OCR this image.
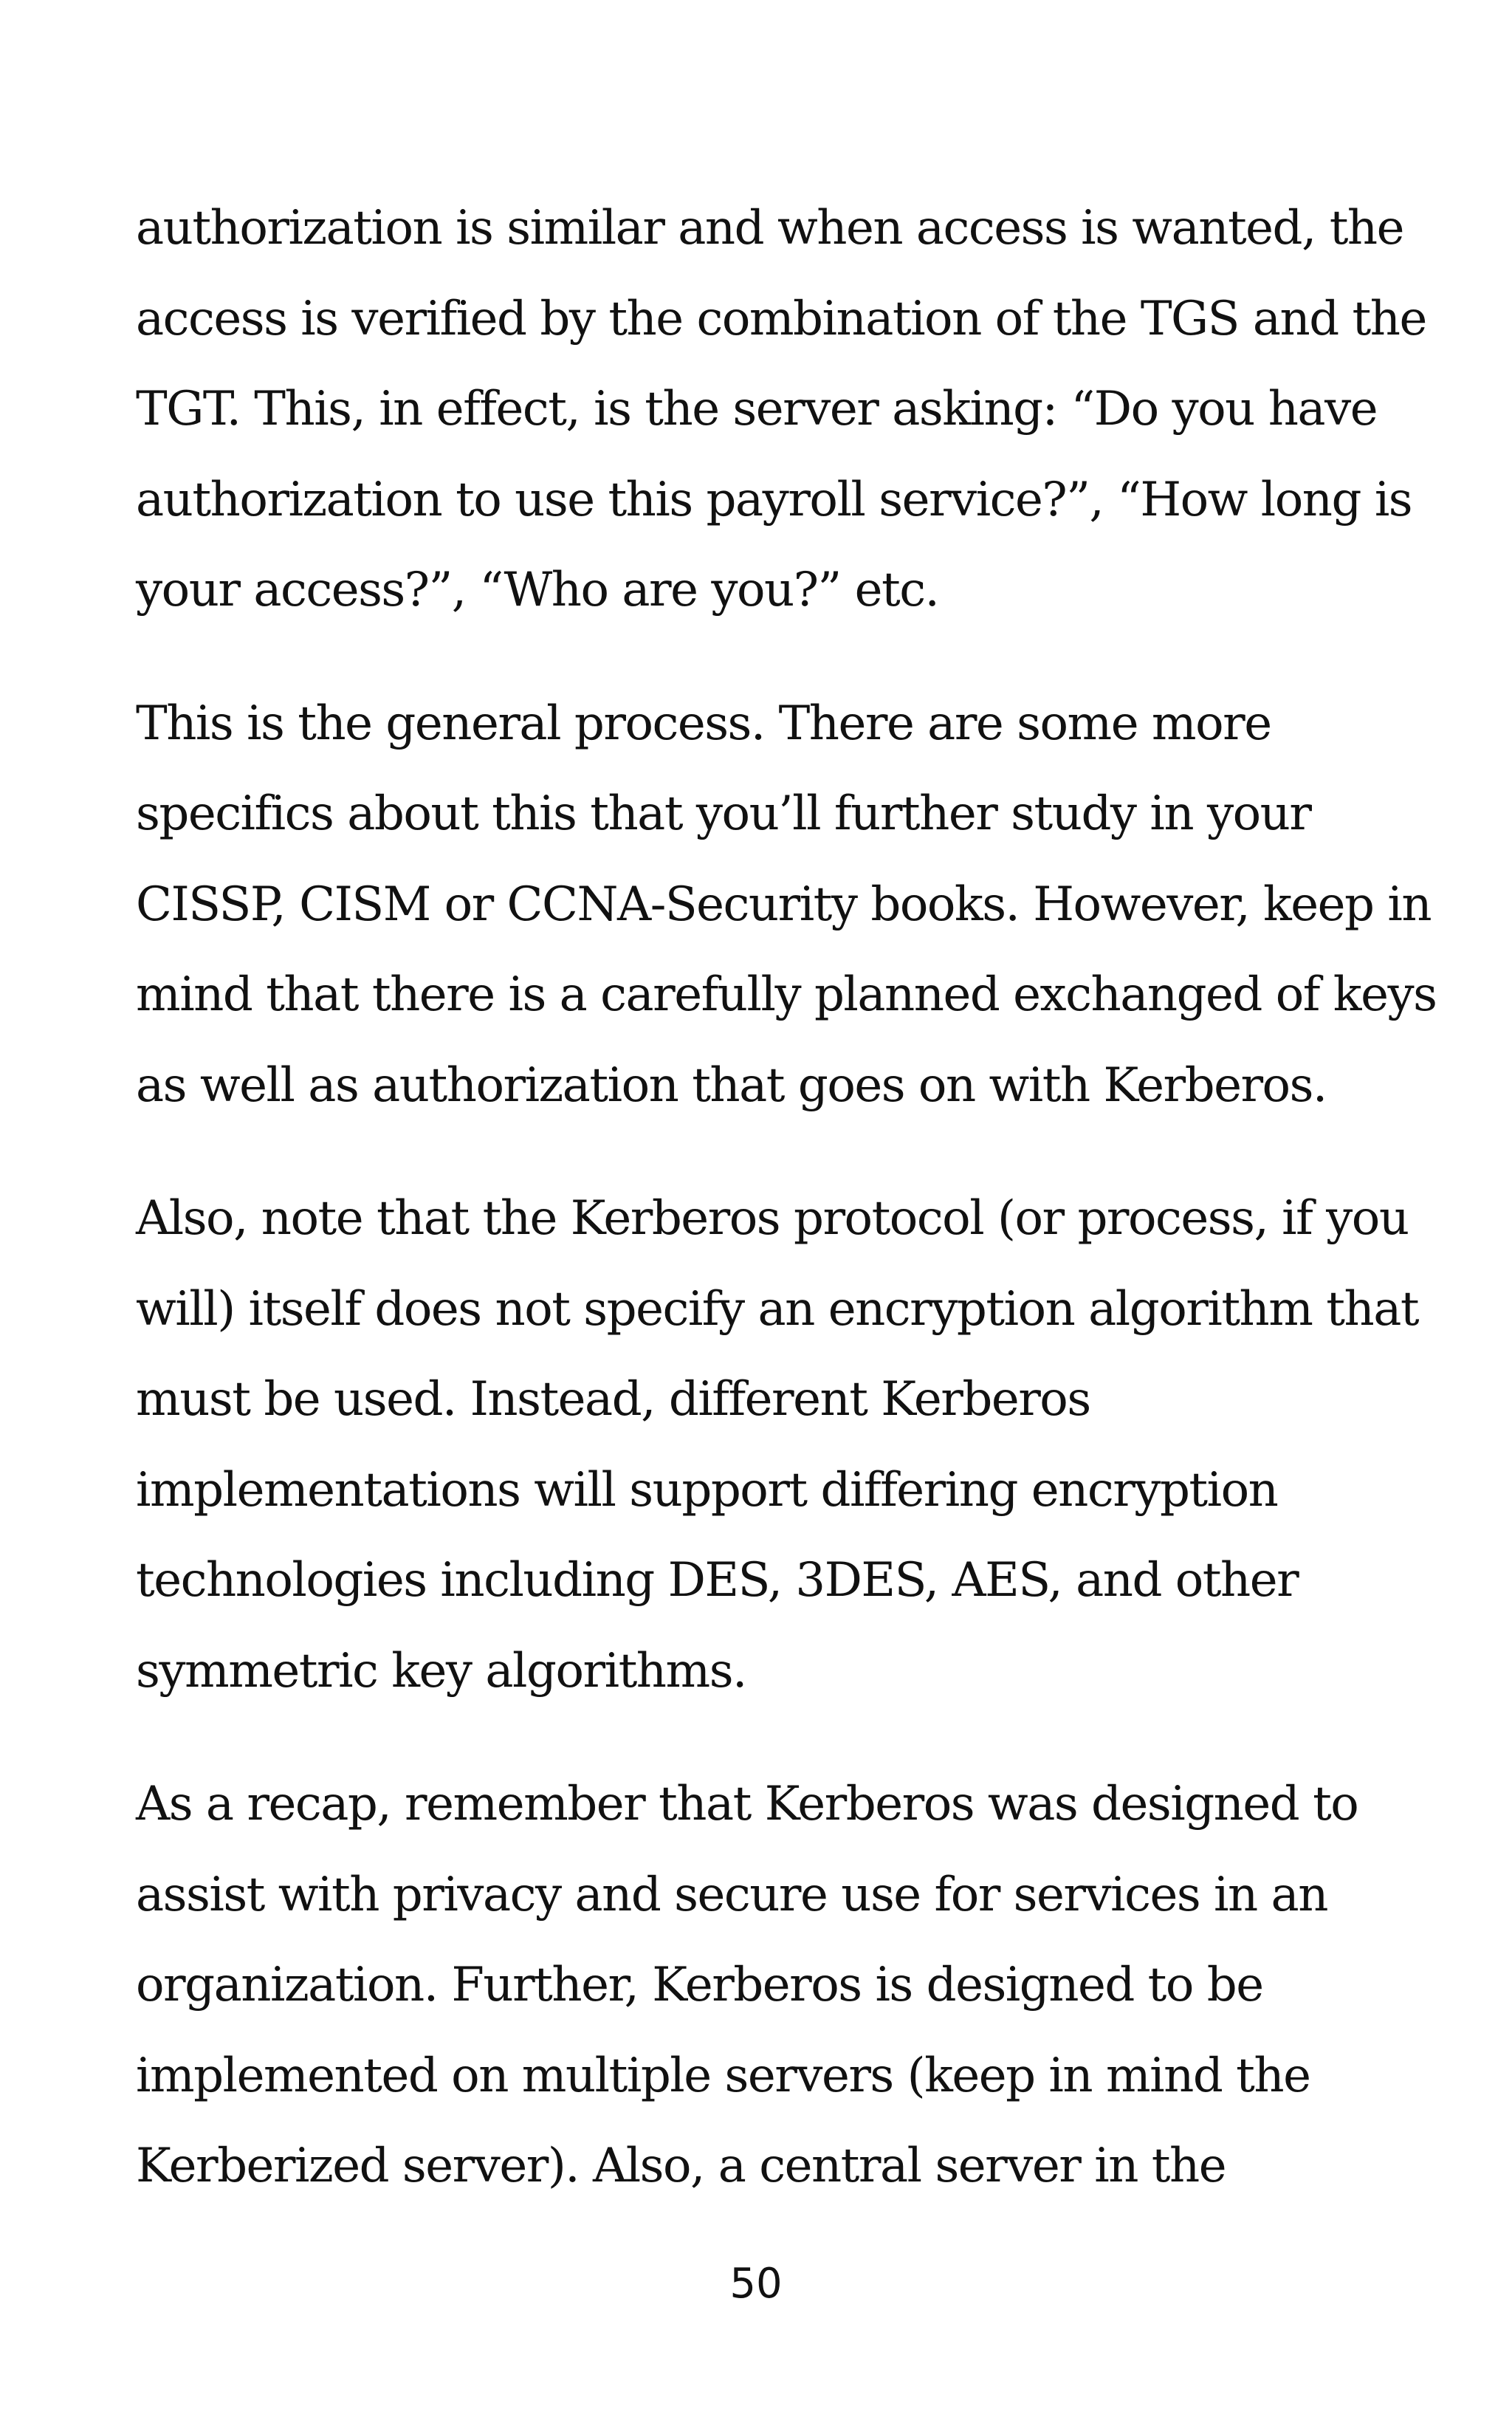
authorization is similar and when access is wanted, the
access is verified by the combination of the TGS and the
TGT. This, in effect, is the server asking: “Do you have
authorization to use this payroll service?”, “How long is
your access?”, “Who are you?” etc.

This is the general process. There are some more
specifics about this that you’ll further study in your
CISSP, CISM or CCNA-Security books. However, keep in
mind that there is a carefully planned exchanged of keys
as well as authorization that goes on with Kerberos.

Also, note that the Kerberos protocol (or process, if you
will) itself does not specify an encryption algorithm that
must be used. Instead, different Kerberos
implementations will support differing encryption
technologies including DES, 3DES, AES, and other
symmetric key algorithms.

As a recap, remember that Kerberos was designed to
assist with privacy and secure use for services in an
organization. Further, Kerberos is designed to be
implemented on multiple servers (keep in mind the
Kerberized server). Also, a central server in the

50
